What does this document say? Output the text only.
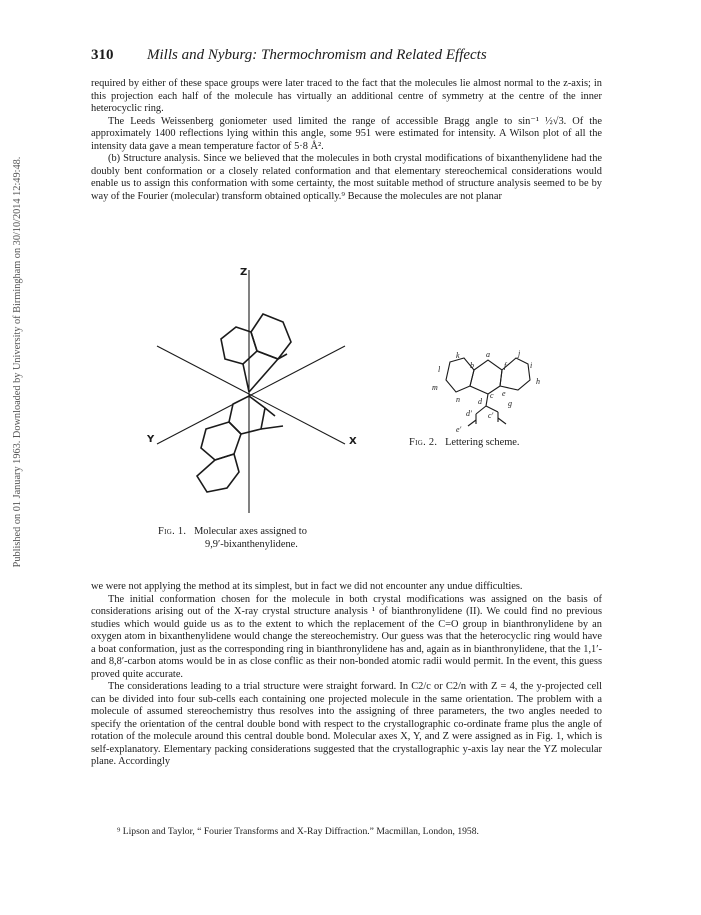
Published on 01 January 1963. Downloaded by University of Birmingham on 30/10/2014 12:49:48.
310 Mills and Nyburg: Thermochromism and Related Effects

required by either of these space groups were later traced to the fact that the molecules lie almost normal to the z-axis; in this projection each half of the molecule has virtually an additional centre of symmetry at the centre of the inner heterocyclic ring.

The Leeds Weissenberg goniometer used limited the range of accessible Bragg angle to sin⁻¹ ½√3. Of the approximately 1400 reflections lying within this angle, some 951 were estimated for intensity. A Wilson plot of all the intensity data gave a mean temperature factor of 5·8 Å².

(b) Structure analysis. Since we believed that the molecules in both crystal modifications of bixanthenylidene had the doubly bent conformation or a closely related conformation and that elementary stereochemical considerations would enable us to assign this conformation with some certainty, the most suitable method of structure analysis seemed to be by way of the Fourier (molecular) transform obtained optically.⁹ Because the molecules are not planar

Z
Y	X
Fig. 1. Molecular axes assigned to
9,9′-bixanthenylidene.
a
b
c
d
e
f
g
h
i
j
k
l
m
n
c′
d′
e′
Fig. 2. Lettering scheme.

we were not applying the method at its simplest, but in fact we did not encounter any undue difficulties.

The initial conformation chosen for the molecule in both crystal modifications was assigned on the basis of considerations arising out of the X-ray crystal structure analysis ¹ of bianthronylidene (II). We could find no previous studies which would guide us as to the extent to which the replacement of the C=O group in bianthronylidene by an oxygen atom in bixanthenylidene would change the stereochemistry. Our guess was that the heterocyclic ring would have a boat conformation, just as the corresponding ring in bianthronylidene has and, again as in bianthronylidene, that the 1,1′- and 8,8′-carbon atoms would be in as close conflic as their non-bonded atomic radii would permit. In the event, this guess proved quite accurate.

The considerations leading to a trial structure were straight forward. In C2/c or C2/n with Z = 4, the y-projected cell can be divided into four sub-cells each containing one projected molecule in the same orientation. The problem with a molecule of assumed stereochemistry thus resolves into the assigning of three parameters, the two angles needed to specify the orientation of the central double bond with respect to the crystallographic co-ordinate frame plus the angle of rotation of the molecule around this central double bond. Molecular axes X, Y, and Z were assigned as in Fig. 1, which is self-explanatory. Elementary packing considerations suggested that the crystallographic y-axis lay near the YZ molecular plane. Accordingly

⁹ Lipson and Taylor, “ Fourier Transforms and X-Ray Diffraction.” Macmillan, London, 1958.
